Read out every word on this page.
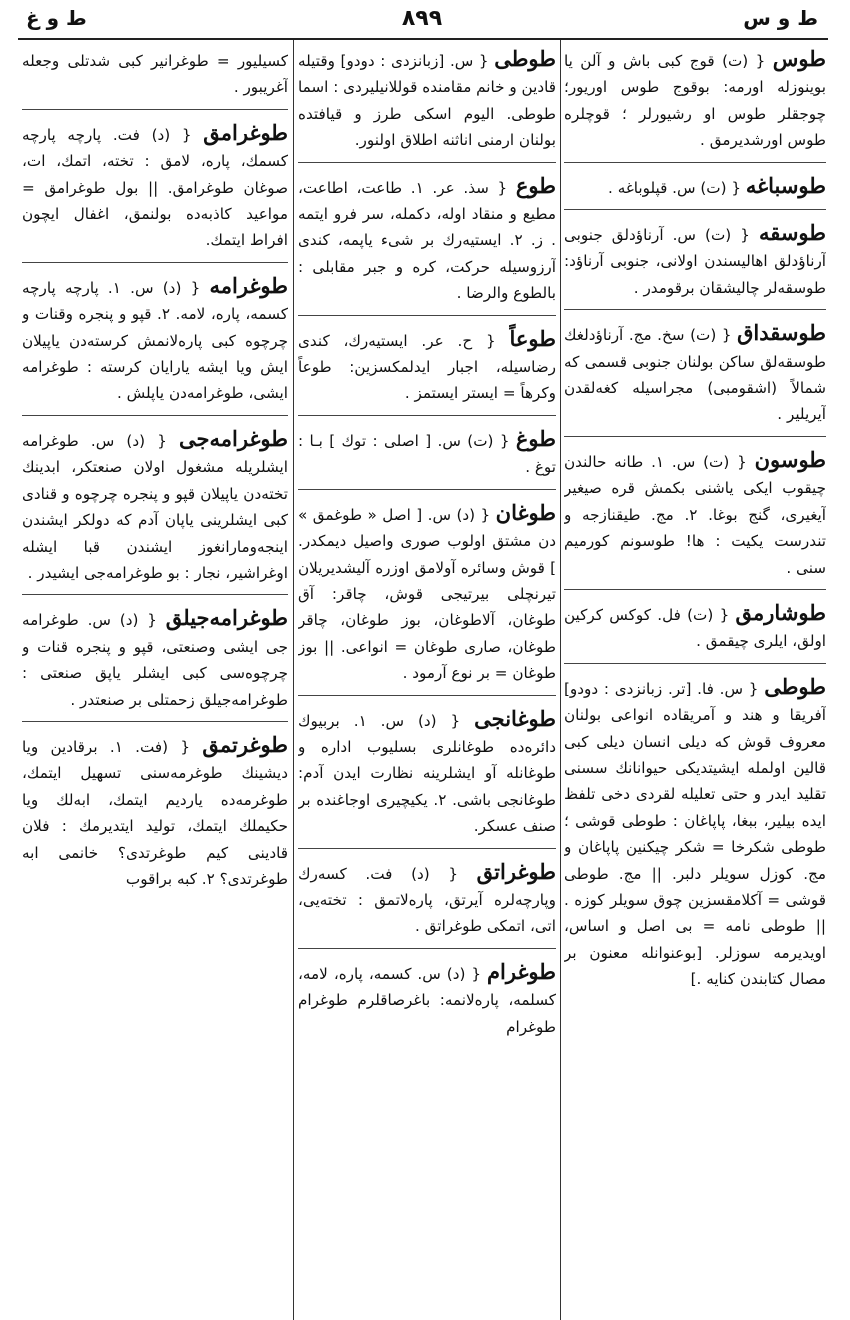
ط و س
۸۹۹
ط و غ
طوس { (ت) قوج کبی باش و آلن یا بوینوزله اورمه: بوقوج طوس اوریور؛ چوجقلر طوس او رشیورلر ؛ قوچلره طوس اورشدیرمق .
طوسباغه { (ت) س. قپلوباغه .
طوسقه { (ت) س. آرناؤدلق جنوبی آرناؤدلق اهالیسندن اولانی، جنوبی آرناؤد: طوسقه‌لر چالیشقان برقومدر .
طوسقداق { (ت) سخ. مج. آرناؤدلغك طوسقه‌لق ساکن بولنان جنوبی قسمی که شمالاً (اشقومبی) مجراسیله کغه‌لقدن آیریلیر .
طوسون { (ت) س. ۱. طانه حالندن چیقوب ایکی یاشنی بکمش قره صیغیر آیغیری، گنج بوغا. ۲. مج. طیقنازجه و تندرست یکیت : ها! طوسونم کورمیم سنی .
طوشارمق { (ت) فل. کوکس کرکین اولق، ایلری چیقمق .
طوطی { س. فا. [تر. زبانزدی : دودو] آفریقا و هند و آمریقاده انواعی بولنان معروف قوش که دیلی انسان دیلی کبی قالین اولمله ایشیتدیکی حیوانانك سسنی تقلید ایدر و حتی تعلیله لقردی دخی تلفظ ایده بیلیر، ببغا، پاپاغان : طوطی قوشی ؛ طوطی شکرخا = شکر چیکنین پاپاغان و مج. کوزل سویلر دلبر. || مج. طوطی قوشی = آکلامقسزین چوق سویلر کوزه . || طوطی نامه = بی اصل و اساس، اویدیرمه سوزلر. [بوعنوانله معنون بر مصال کتابندن کنایه .]
طوطی { س. [زبانزدی : دودو] وقتیله قادین و خانم مقامنده قوللانیلیردی : اسما طوطی. الیوم اسکی طرز و قیافتده بولنان ارمنی اناثنه اطلاق اولنور.
طوع { سذ. عر. ۱. طاعت، اطاعت، مطیع و منقاد اوله، دکمله، سر فرو ایتمه . ز. ۲. ایستیه‌رك بر شیء یاپمه، کندی آرزوسیله حرکت، کره و جبر مقابلی : بالطوع والرضا .
طوعاً { ح. عر. ایستیه‌رك، کندی رضاسیله، اجبار ایدلمکسزین: طوعاً وکرهاً = ایستر ایستمز .
طوغ { (ت) س. [ اصلی : توك ] بـا : توغ .
طوغان { (د) س. [ اصل « طوغمق » دن مشتق اولوب صوری واصیل دیمکدر. ] قوش وسائره آولامق اوزره آلیشدیریلان تیرنچلی بیرتیجی قوش، چاقر: آق طوغان، آلاطوغان، بوز طوغان، چاقر طوغان، صاری طوغان = انواعی. || بوز طوغان = بر نوع آرمود .
طوغانجی { (د) س. ۱. بربیوك دائره‌ده طوغانلری بسلیوب اداره و طوغانله آو ایشلرینه نظارت ایدن آدم: طوغانجی باشی. ۲. یکیچیری اوجاغنده بر صنف عسکر.
طوغراتق { (د) فت. کسه‌رك وپارچه‌لره آیرتق، پاره‌لاتمق : تخته‌یی، اتی، اتمکی طوغراتق .
طوغرام { (د) س. کسمه، پاره، لامه، کسلمه، پاره‌لانمه: باغرصاقلرم طوغرام طوغرام
کسیلیور = طوغرانیر کبی شدتلی وجعله آغریبور .
طوغرامق { (د) فت. پارچه پارچه کسمك، پاره، لامق : تخته‌، اتمك، ات، صوغان طوغرامق. || بول طوغرامق = مواعید کاذبه‌ده بولنمق، اغفال ایچون افراط ایتمك.
طوغرامه { (د) س. ۱. پارچه پارچه کسمه، پاره، لامه. ۲. قپو و پنجره وقنات و چرچوه کبی پاره‌لانمش کرسته‌دن یاپیلان ایش ویا ایشه یارایان کرسته : طوغرامه ایشی، طوغرامه‌دن یاپلش .
طوغرامه‌جی { (د) س. طوغرامه ایشلریله مشغول اولان صنعتکر، ابدینك تخته‌دن یاپیلان قپو و پنجره چرچوه و قنادی کبی ایشلرینی یاپان آدم که دولکر ایشندن اینجه‌ومارانغوز ایشندن قبا ایشله اوغراشیر، نجار : بو طوغرامه‌جی ایشیدر .
طوغرامه‌جیلق { (د) س. طوغرامه جی ایشی وصنعتی، قپو و پنجره قنات و چرچوه‌سی کبی ایشلر یاپق صنعتی : طوغرامه‌جیلق زحمتلی بر صنعتدر .
طوغرتمق { (فت. ۱. برقادین ویا دیشینك طوغرمه‌سنی تسهیل ایتمك، طوغرمه‌ده یاردیم ایتمك، ابه‌لك ویا حکیملك ایتمك، تولید ایتدیرمك : فلان قادینی کیم طوغرتدی؟ خانمی ابه طوغرتدی؟ ۲. کبه براقوب
